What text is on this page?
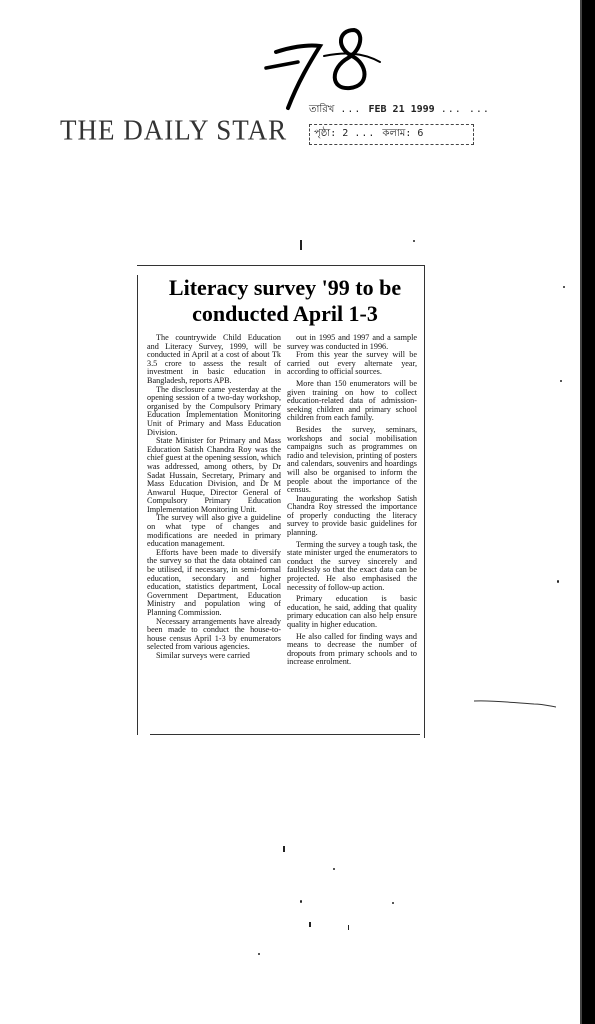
THE DAILY STAR
তারিখ ... FEB 21 1999 ... ...
পৃষ্ঠা: 2 ... কলাম: 6
Literacy survey '99 to be
conducted April 1-3

The countrywide Child Education and Literacy Survey, 1999, will be conducted in April at a cost of about Tk 3.5 crore to assess the result of investment in basic education in Bangladesh, reports APB.

The disclosure came yesterday at the opening session of a two-day workshop, organised by the Compulsory Primary Education Implementation Monitoring Unit of Primary and Mass Education Division.

State Minister for Primary and Mass Education Satish Chandra Roy was the chief guest at the opening session, which was addressed, among others, by Dr Sadat Hussain, Secretary, Primary and Mass Education Division, and Dr M Anwarul Huque, Director General of Compulsory Primary Education Implementation Monitoring Unit.

The survey will also give a guideline on what type of changes and modifications are needed in primary education management.

Efforts have been made to diversify the survey so that the data obtained can be utilised, if necessary, in semi-formal education, secondary and higher education, statistics department, Local Government Department, Education Ministry and population wing of Planning Commission.

Necessary arrangements have already been made to conduct the house-to-house census April 1-3 by enumerators selected from various agencies.

Similar surveys were carried

out in 1995 and 1997 and a sample survey was conducted in 1996.

From this year the survey will be carried out every alternate year, according to official sources.

More than 150 enumerators will be given training on how to collect education-related data of admission-seeking children and primary school children from each family.

Besides the survey, seminars, workshops and social mobilisation campaigns such as programmes on radio and television, printing of posters and calendars, souvenirs and hoardings will also be organised to inform the people about the importance of the census.

Inaugurating the workshop Satish Chandra Roy stressed the importance of properly conducting the literacy survey to provide basic guidelines for planning.

Terming the survey a tough task, the state minister urged the enumerators to conduct the survey sincerely and faultlessly so that the exact data can be projected. He also emphasised the necessity of follow-up action.

Primary education is basic education, he said, adding that quality primary education can also help ensure quality in higher education.

He also called for finding ways and means to decrease the number of dropouts from primary schools and to increase enrolment.
